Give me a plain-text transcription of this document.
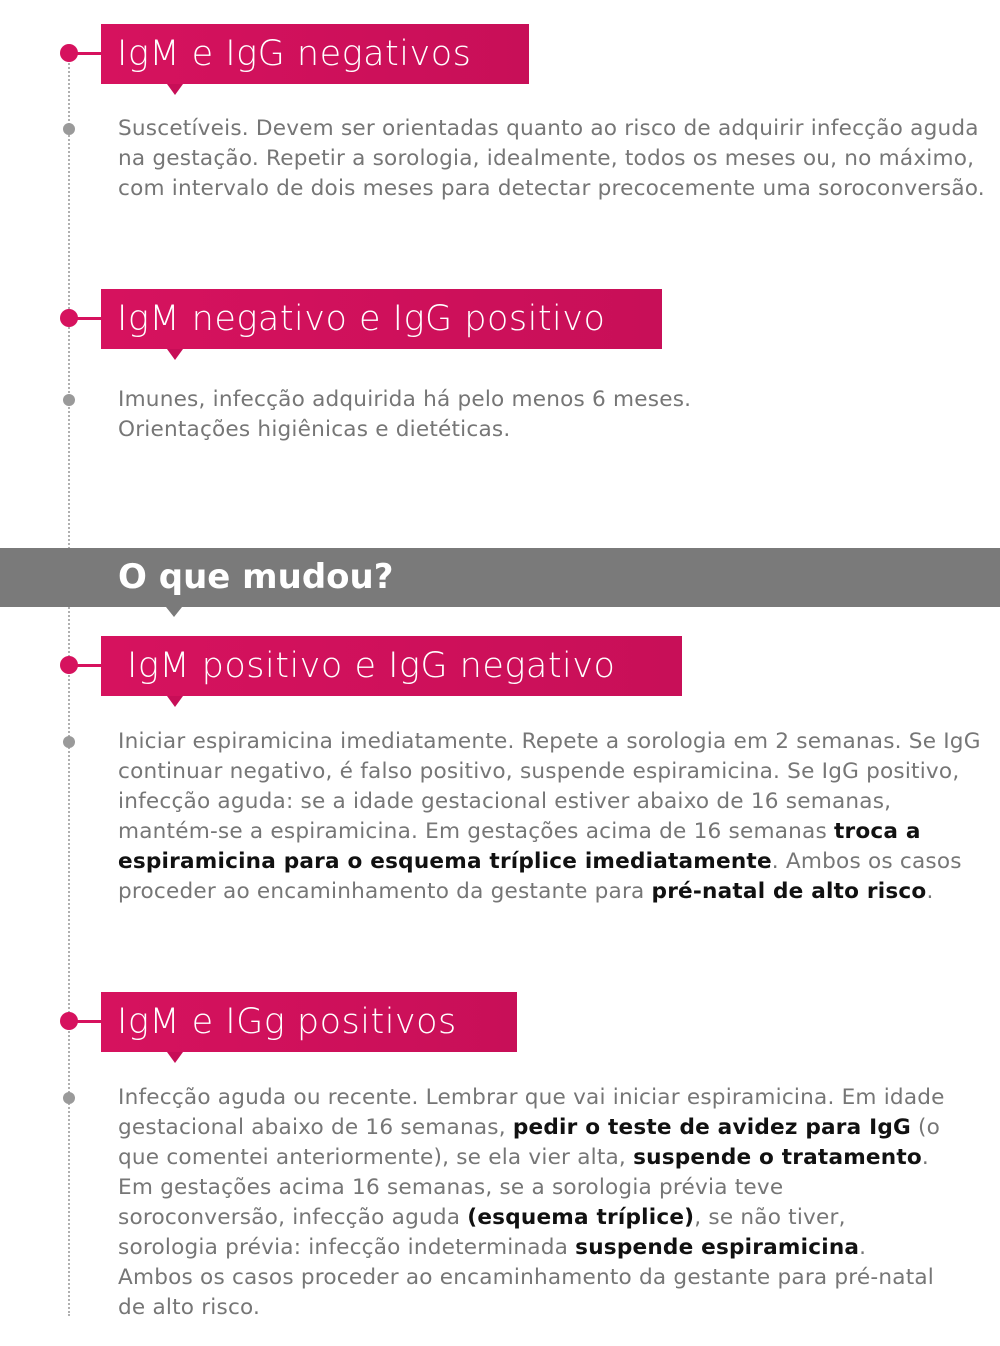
IgM e IgG negativos
Suscetíveis. Devem ser orientadas quanto ao risco de adquirir infecção aguda na gestação. Repetir a sorologia, idealmente, todos os meses ou, no máximo, com intervalo de dois meses para detectar precocemente uma soroconversão.
IgM negativo e IgG positivo
Imunes, infecção adquirida há pelo menos 6 meses. Orientações higiênicas e dietéticas.
O que mudou?
IgM positivo e IgG negativo
Iniciar espiramicina imediatamente. Repete a sorologia em 2 semanas. Se IgG continuar negativo, é falso positivo, suspende espiramicina. Se IgG positivo, infecção aguda: se a idade gestacional estiver abaixo de 16 semanas, mantém-se a espiramicina. Em gestações acima de 16 semanas troca a espiramicina para o esquema tríplice imediatamente. Ambos os casos proceder ao encaminhamento da gestante para pré-natal de alto risco.
IgM e IGg positivos
Infecção aguda ou recente. Lembrar que vai iniciar espiramicina. Em idade gestacional abaixo de 16 semanas, pedir o teste de avidez para IgG (o que comentei anteriormente), se ela vier alta, suspende o tratamento. Em gestações acima 16 semanas, se a sorologia prévia teve soroconversão, infecção aguda (esquema tríplice), se não tiver, sorologia prévia: infecção indeterminada suspende espiramicina. Ambos os casos proceder ao encaminhamento da gestante para pré-natal de alto risco.
